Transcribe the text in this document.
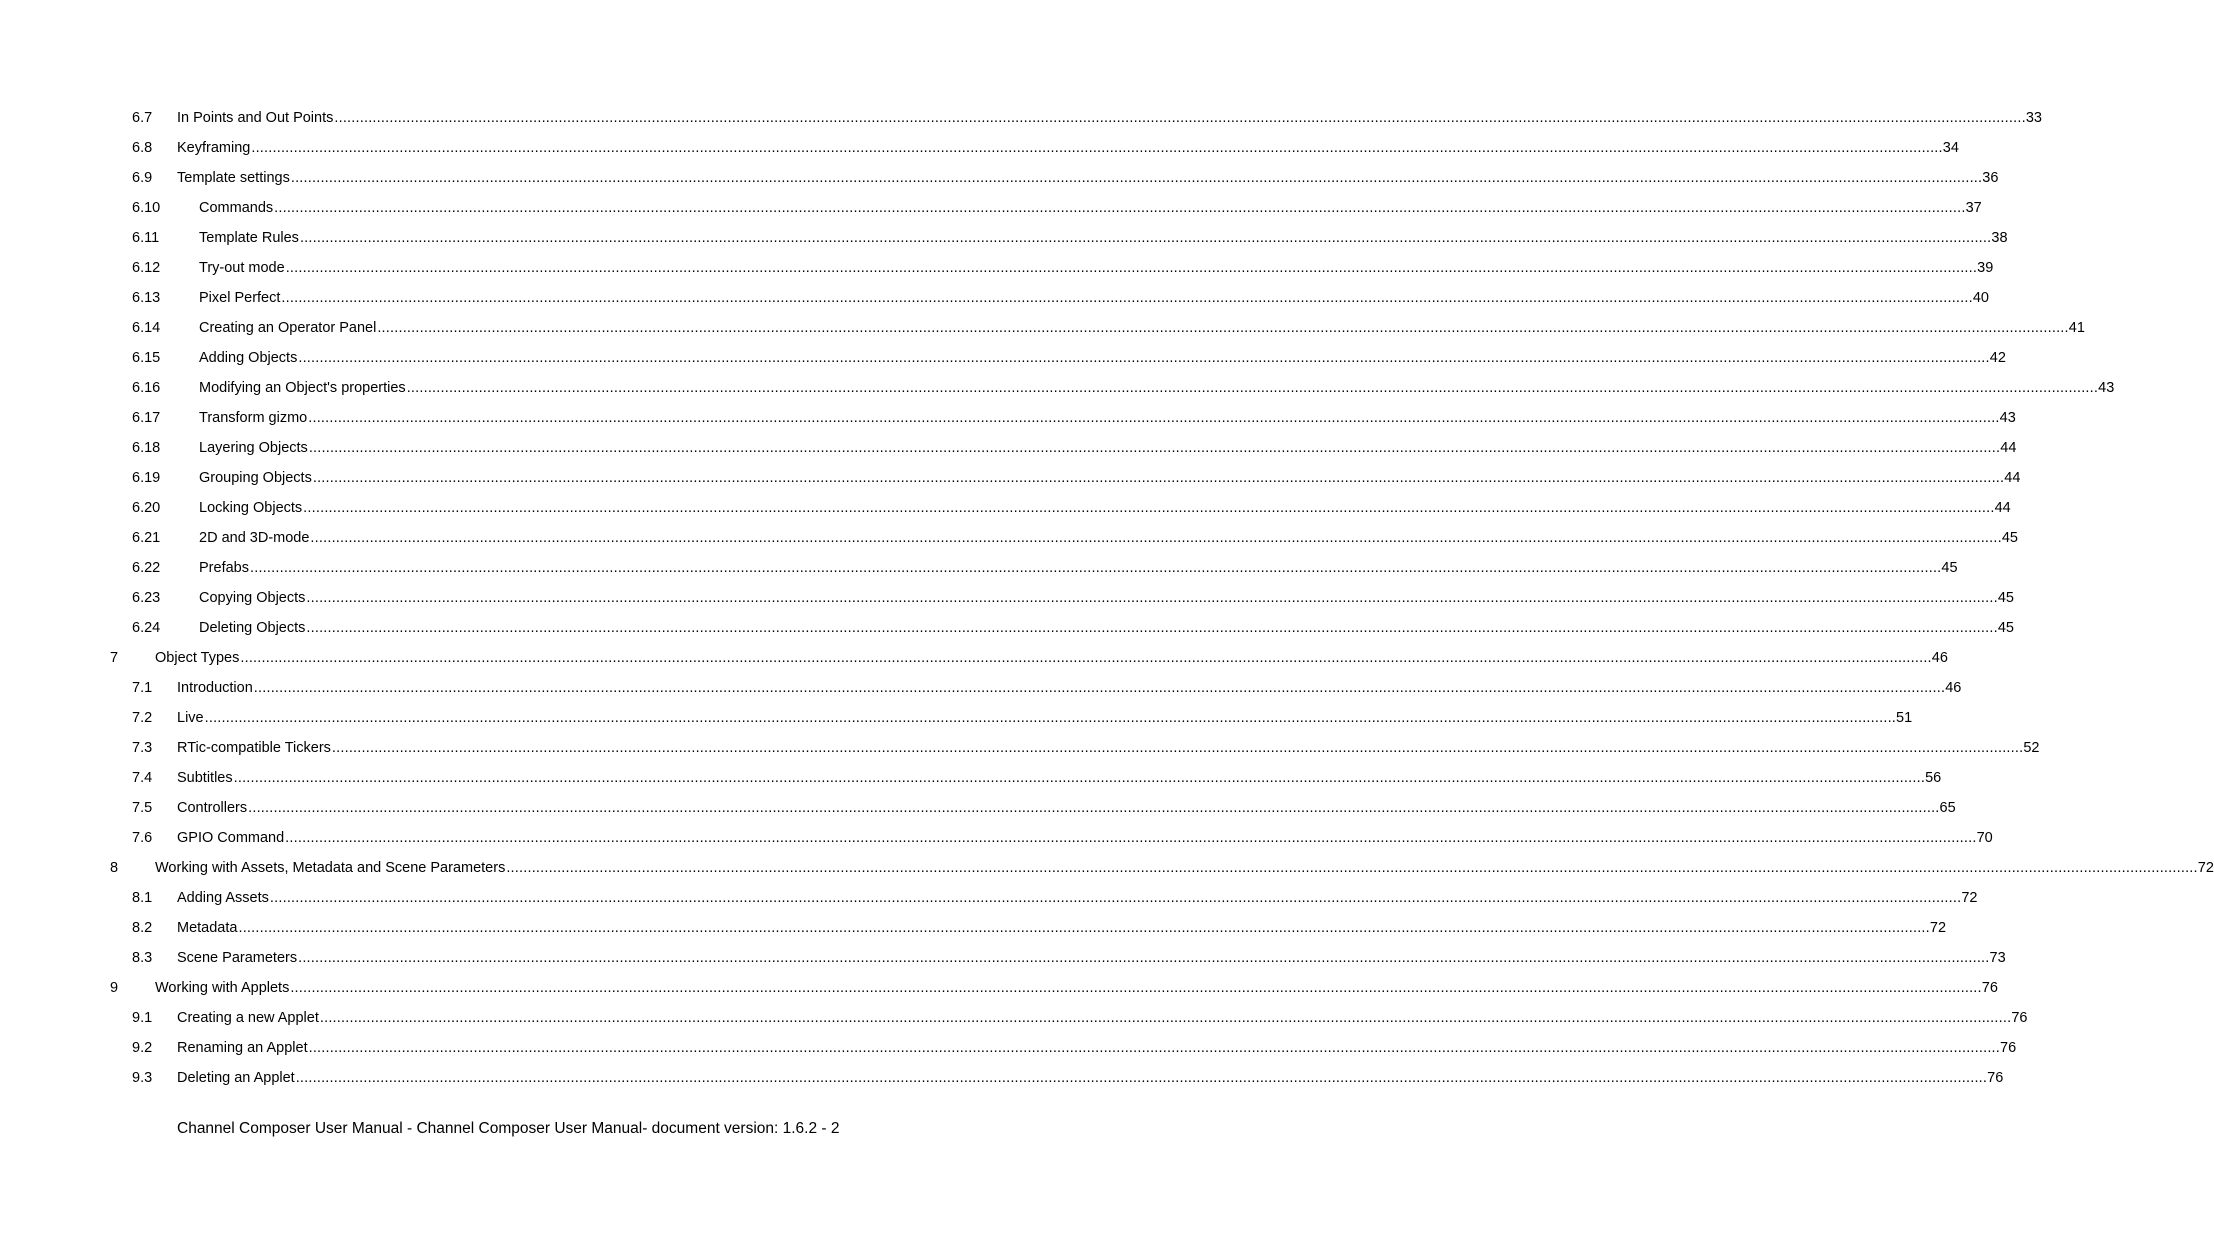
6.7 In Points and Out Points ................................................................................................................................................................................................................................................................................................................................................................................................................ 33
6.8 Keyframing ................................................................................................................................................................................................................................................................................................................................................................................................................ 34
6.9 Template settings ................................................................................................................................................................................................................................................................................................................................................................................................................ 36
6.10	Commands ................................................................................................................................................................................................................................................................................................................................................................................................................ 37
6.11	Template Rules ................................................................................................................................................................................................................................................................................................................................................................................................................ 38
6.12	Try-out mode ................................................................................................................................................................................................................................................................................................................................................................................................................ 39
6.13	Pixel Perfect ................................................................................................................................................................................................................................................................................................................................................................................................................ 40
6.14	Creating an Operator Panel ................................................................................................................................................................................................................................................................................................................................................................................................................ 41
6.15	Adding Objects ................................................................................................................................................................................................................................................................................................................................................................................................................ 42
6.16	Modifying an Object's properties ................................................................................................................................................................................................................................................................................................................................................................................................................ 43
6.17	Transform gizmo ................................................................................................................................................................................................................................................................................................................................................................................................................ 43
6.18	Layering Objects ................................................................................................................................................................................................................................................................................................................................................................................................................ 44
6.19	Grouping Objects ................................................................................................................................................................................................................................................................................................................................................................................................................ 44
6.20	Locking Objects ................................................................................................................................................................................................................................................................................................................................................................................................................ 44
6.21	2D and 3D-mode ................................................................................................................................................................................................................................................................................................................................................................................................................ 45
6.22	Prefabs ................................................................................................................................................................................................................................................................................................................................................................................................................ 45
6.23	Copying Objects ................................................................................................................................................................................................................................................................................................................................................................................................................ 45
6.24	Deleting Objects ................................................................................................................................................................................................................................................................................................................................................................................................................ 45
7	Object Types ................................................................................................................................................................................................................................................................................................................................................................................................................ 46
7.1 Introduction ................................................................................................................................................................................................................................................................................................................................................................................................................ 46
7.2 Live ................................................................................................................................................................................................................................................................................................................................................................................................................ 51
7.3 RTic-compatible Tickers ................................................................................................................................................................................................................................................................................................................................................................................................................ 52
7.4 Subtitles ................................................................................................................................................................................................................................................................................................................................................................................................................ 56
7.5 Controllers ................................................................................................................................................................................................................................................................................................................................................................................................................ 65
7.6 GPIO Command ................................................................................................................................................................................................................................................................................................................................................................................................................ 70
8	Working with Assets, Metadata and Scene Parameters ................................................................................................................................................................................................................................................................................................................................................................................................................ 72
8.1 Adding Assets ................................................................................................................................................................................................................................................................................................................................................................................................................ 72
8.2 Metadata ................................................................................................................................................................................................................................................................................................................................................................................................................ 72
8.3 Scene Parameters ................................................................................................................................................................................................................................................................................................................................................................................................................ 73
9	Working with Applets ................................................................................................................................................................................................................................................................................................................................................................................................................ 76
9.1 Creating a new Applet ................................................................................................................................................................................................................................................................................................................................................................................................................ 76
9.2 Renaming an Applet ................................................................................................................................................................................................................................................................................................................................................................................................................ 76
9.3 Deleting an Applet ................................................................................................................................................................................................................................................................................................................................................................................................................ 76
Channel Composer User Manual - Channel Composer User Manual- document version: 1.6.2 - 2
